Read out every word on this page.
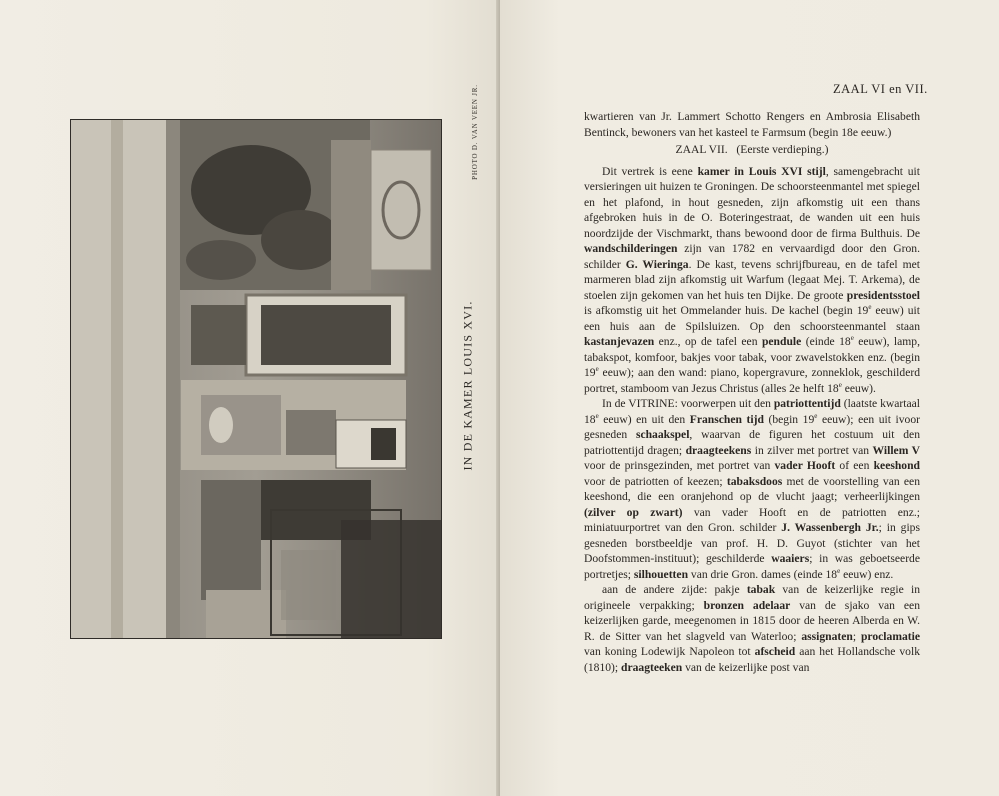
IN DE KAMER LOUIS XVI.
PHOTO D. VAN VEEN JR.	ZAAL VI en VII.

kwartieren van Jr. Lammert Schotto Rengers en Ambrosia Elisabeth Bentinck, bewoners van het kasteel te Farmsum (begin 18e eeuw.)

ZAAL VII. (Eerste verdieping.)

Dit vertrek is eene kamer in Louis XVI stijl, samengebracht uit versieringen uit huizen te Groningen. De schoorsteenmantel met spiegel en het plafond, in hout gesneden, zijn afkomstig uit een thans afgebroken huis in de O. Boteringestraat, de wanden uit een huis noordzijde der Vischmarkt, thans bewoond door de firma Bulthuis. De wandschilderingen zijn van 1782 en vervaardigd door den Gron. schilder G. Wieringa. De kast, tevens schrijfbureau, en de tafel met marmeren blad zijn afkomstig uit Warfum (legaat Mej. T. Arkema), de stoelen zijn gekomen van het huis ten Dijke. De groote presidentsstoel is afkomstig uit het Ommelander huis. De kachel (begin 19e eeuw) uit een huis aan de Spilsluizen. Op den schoorsteenmantel staan kastanjevazen enz., op de tafel een pendule (einde 18e eeuw), lamp, tabakspot, komfoor, bakjes voor tabak, voor zwavelstokken enz. (begin 19e eeuw); aan den wand: piano, kopergravure, zonneklok, geschilderd portret, stamboom van Jezus Christus (alles 2e helft 18e eeuw).

In de VITRINE: voorwerpen uit den patriottentijd (laatste kwartaal 18e eeuw) en uit den Franschen tijd (begin 19e eeuw); een uit ivoor gesneden schaakspel, waarvan de figuren het costuum uit den patriottentijd dragen; draagteekens in zilver met portret van Willem V voor de prinsgezinden, met portret van vader Hooft of een keeshond voor de patriotten of keezen; tabaksdoos met de voorstelling van een keeshond, die een oranjehond op de vlucht jaagt; verheerlijkingen (zilver op zwart) van vader Hooft en de patriotten enz.; miniatuurportret van den Gron. schilder J. Wassenbergh Jr.; in gips gesneden borstbeeldje van prof. H. D. Guyot (stichter van het Doofstommen-instituut); geschilderde waaiers; in was geboetseerde portretjes; silhouetten van drie Gron. dames (einde 18e eeuw) enz.

aan de andere zijde: pakje tabak van de keizerlijke regie in origineele verpakking; bronzen adelaar van de sjako van een keizerlijken garde, meegenomen in 1815 door de heeren Alberda en W. R. de Sitter van het slagveld van Waterloo; assignaten; proclamatie van koning Lodewijk Napoleon tot afscheid aan het Hollandsche volk (1810); draagteeken van de keizerlijke post van
